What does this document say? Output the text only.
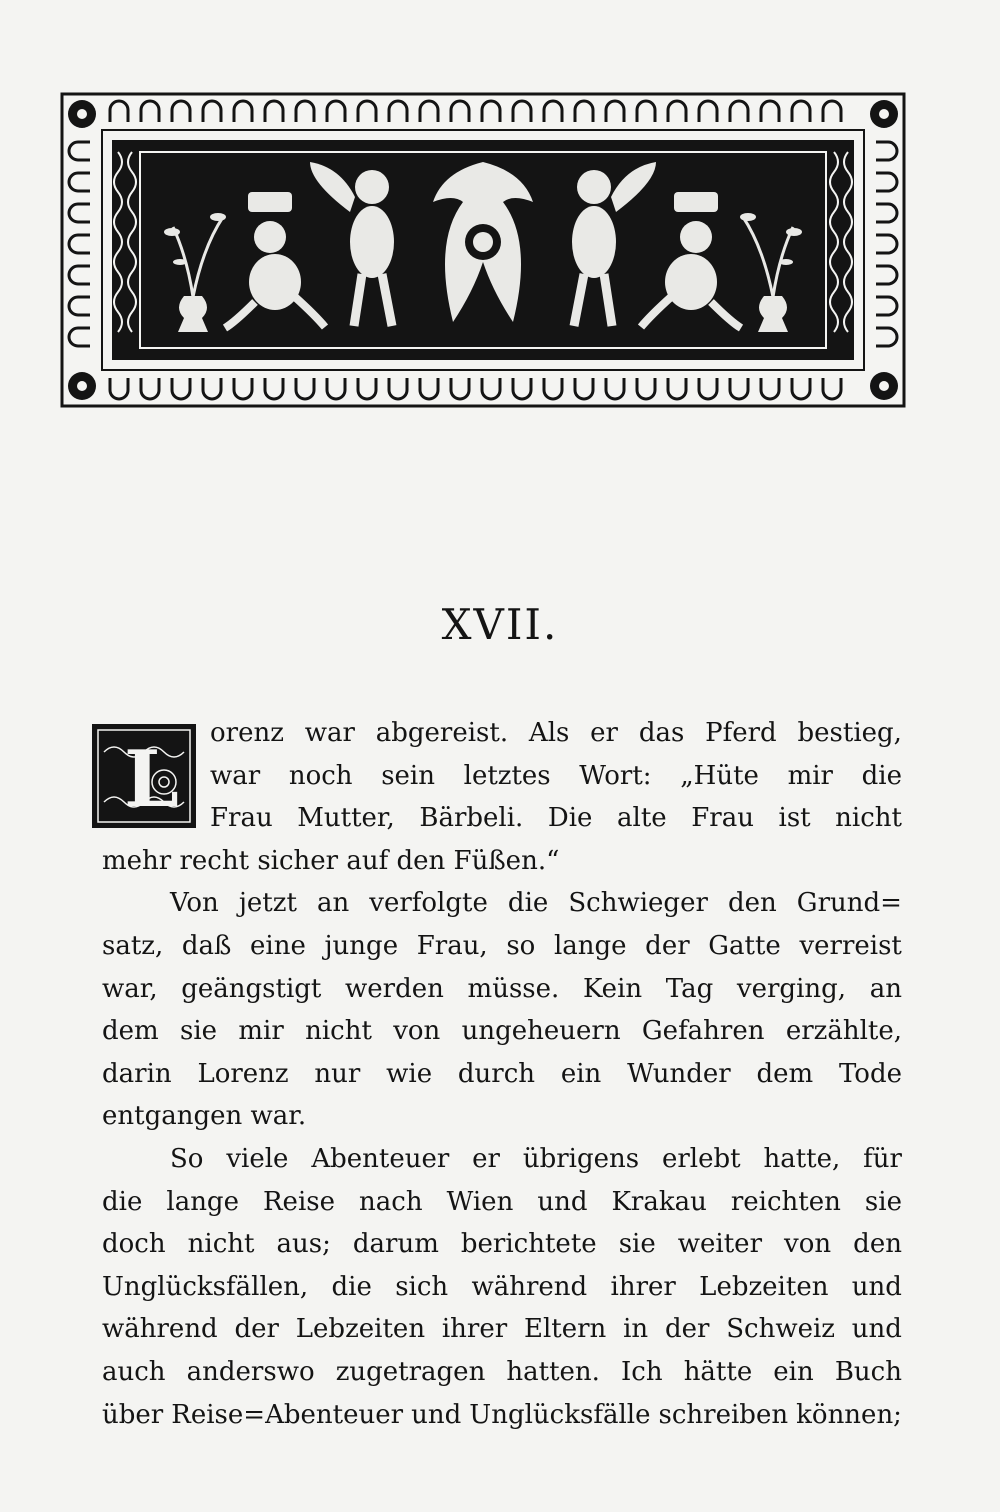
XVII.
L
orenz war abgereist. Als er das Pferd bestieg,
war noch sein letztes Wort: „Hüte mir die
Frau Mutter, Bärbeli. Die alte Frau ist nicht
mehr recht sicher auf den Füßen.“
Von jetzt an verfolgte die Schwieger den Grund=
satz, daß eine junge Frau, so lange der Gatte verreist
war, geängstigt werden müsse. Kein Tag verging, an
dem sie mir nicht von ungeheuern Gefahren erzählte,
darin Lorenz nur wie durch ein Wunder dem Tode
entgangen war.
So viele Abenteuer er übrigens erlebt hatte, für
die lange Reise nach Wien und Krakau reichten sie
doch nicht aus; darum berichtete sie weiter von den
Unglücksfällen, die sich während ihrer Lebzeiten und
während der Lebzeiten ihrer Eltern in der Schweiz und
auch anderswo zugetragen hatten. Ich hätte ein Buch
über Reise=Abenteuer und Unglücksfälle schreiben können;
